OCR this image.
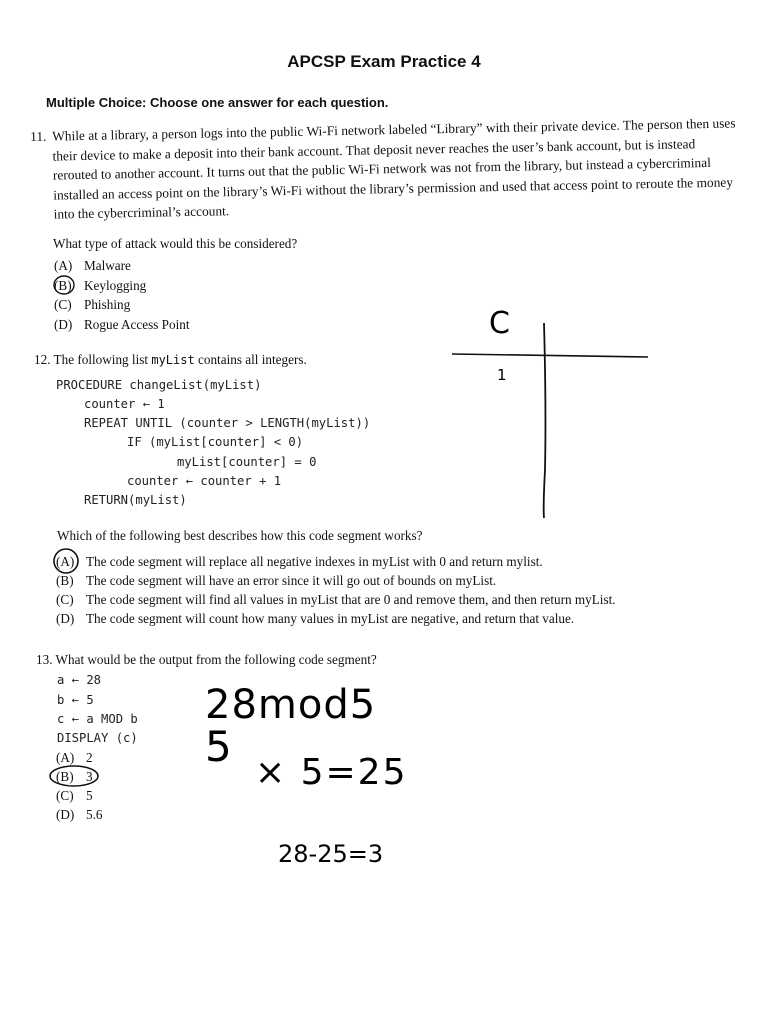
APCSP Exam Practice 4
Multiple Choice: Choose one answer for each question.
11. While at a library, a person logs into the public Wi-Fi network labeled “Library” with their private device. The person then uses their device to make a deposit into their bank account. That deposit never reaches the user’s bank account, but is instead rerouted to another account. It turns out that the public Wi-Fi network was not from the library, but instead a cybercriminal installed an access point on the library’s Wi-Fi without the library’s permission and used that access point to reroute the money into the cybercriminal’s account.
What type of attack would this be considered?
(A) Malware
(B) Keylogging
(C) Phishing
(D) Rogue Access Point
12. The following list myList contains all integers.
PROCEDURE changeList(myList)
counter ← 1
REPEAT UNTIL (counter > LENGTH(myList))
IF (myList[counter] < 0)
myList[counter] = 0
counter ← counter + 1
RETURN(myList)
Which of the following best describes how this code segment works?
(A) The code segment will replace all negative indexes in myList with 0 and return mylist.
(B) The code segment will have an error since it will go out of bounds on myList.
(C) The code segment will find all values in myList that are 0 and remove them, and then return myList.
(D) The code segment will count how many values in myList are negative, and return that value.
13. What would be the output from the following code segment?
a ← 28
b ← 5
c ← a MOD b
DISPLAY (c)
(A) 2
(B) 3
(C) 5
(D) 5.6
C
1
28mod5
5
× 5=25
28-25=3
